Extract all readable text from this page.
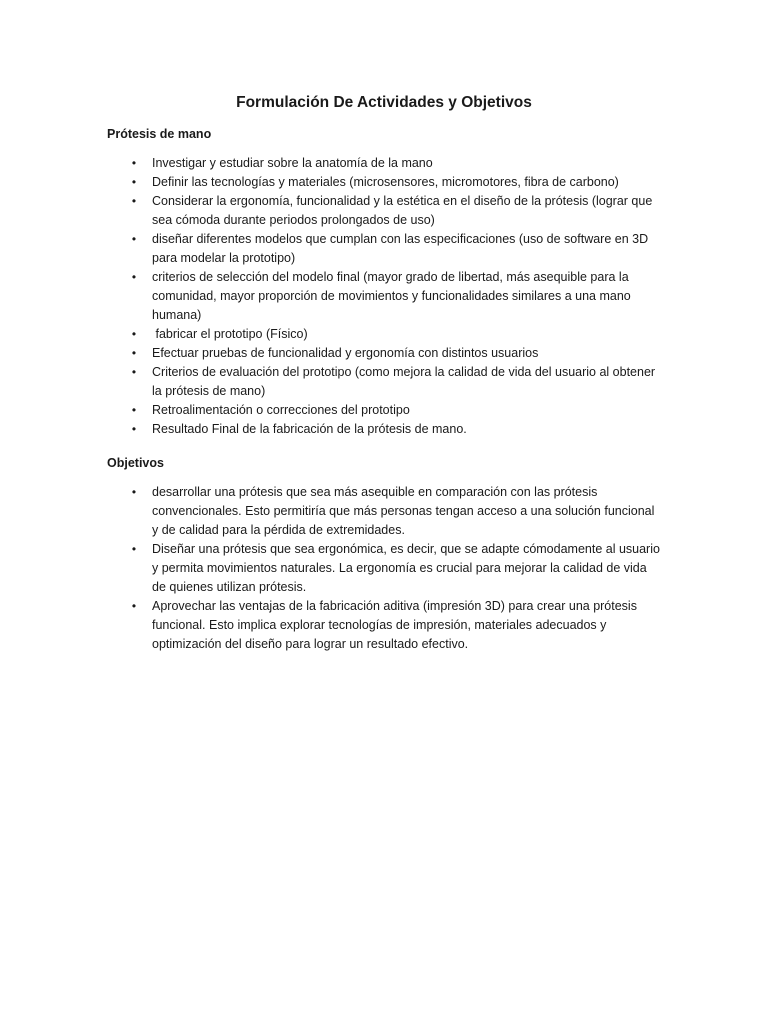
Formulación De Actividades y Objetivos
Prótesis de mano
•	Investigar y estudiar sobre la anatomía de la mano
•	Definir las tecnologías y materiales (microsensores, micromotores, fibra de carbono)
•	Considerar la ergonomía, funcionalidad y la estética en el diseño de la prótesis (lograr que sea cómoda durante periodos prolongados de uso)
•	diseñar diferentes modelos que cumplan con las especificaciones (uso de software en 3D para modelar la prototipo)
•	criterios de selección del modelo final (mayor grado de libertad, más asequible para la comunidad, mayor proporción de movimientos y funcionalidades similares a una mano humana)
•	fabricar el prototipo (Físico)
•	Efectuar pruebas de funcionalidad y ergonomía con distintos usuarios
•	Criterios de evaluación del prototipo (como mejora la calidad de vida del usuario al obtener la prótesis de mano)
•	Retroalimentación o correcciones del prototipo
•	Resultado Final de la fabricación de la prótesis de mano.
Objetivos
•	desarrollar una prótesis que sea más asequible en comparación con las prótesis convencionales. Esto permitiría que más personas tengan acceso a una solución funcional y de calidad para la pérdida de extremidades.
•	Diseñar una prótesis que sea ergonómica, es decir, que se adapte cómodamente al usuario y permita movimientos naturales. La ergonomía es crucial para mejorar la calidad de vida de quienes utilizan prótesis.
•	Aprovechar las ventajas de la fabricación aditiva (impresión 3D) para crear una prótesis funcional. Esto implica explorar tecnologías de impresión, materiales adecuados y optimización del diseño para lograr un resultado efectivo.
